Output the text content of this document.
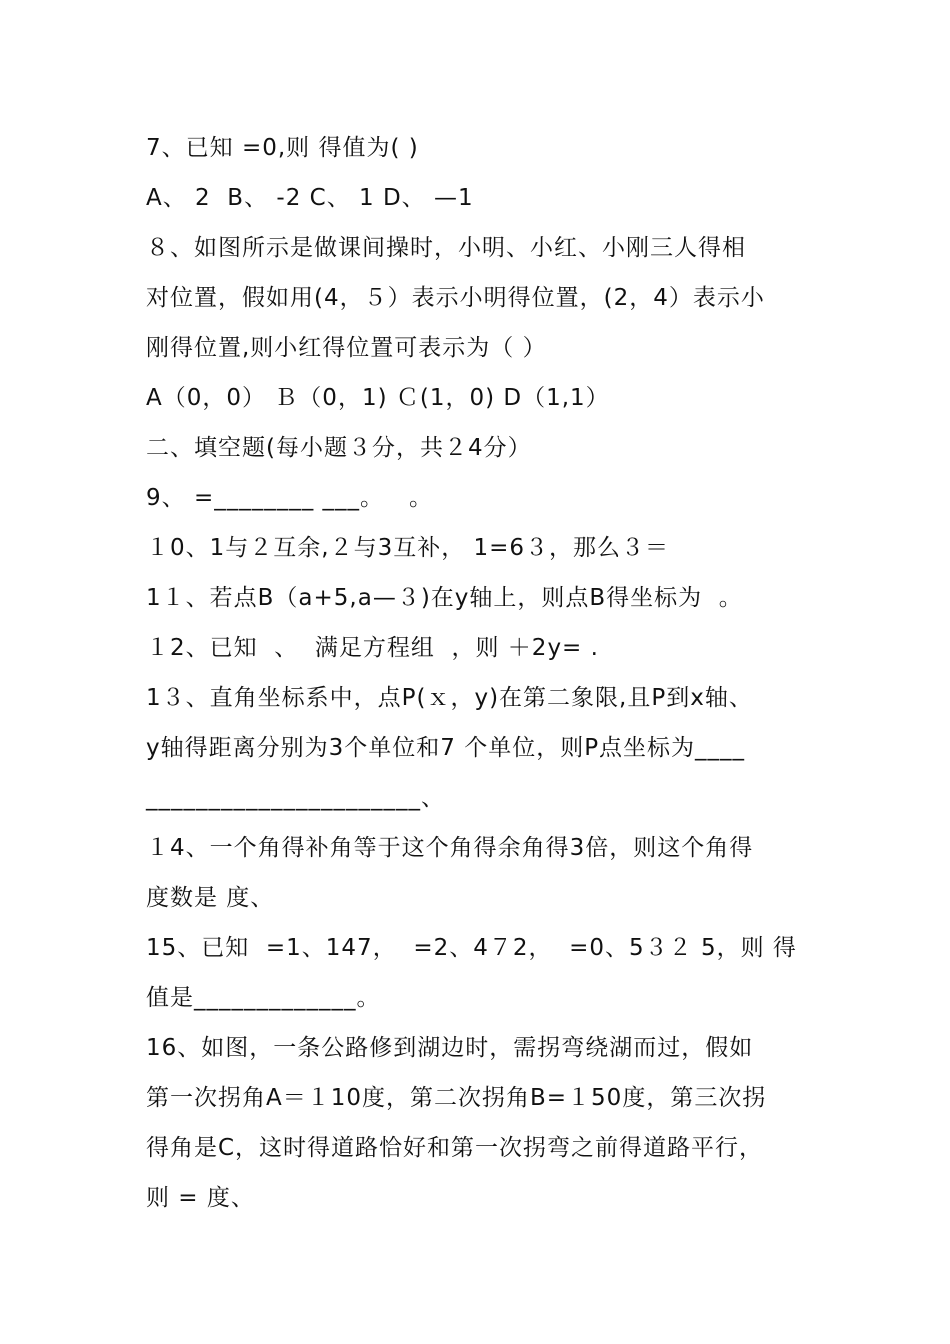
7、已知 =0,则 得值为( )
A、 2  B、 -2 C、 1 D、 —1
８、如图所示是做课间操时，小明、小红、小刚三人得相
对位置，假如用(4，５）表示小明得位置，(2，4）表示小
刚得位置,则小红得位置可表示为（ ）
A（0，0） Ｂ（0，1) Ｃ(1，0) D（1,1）
二、填空题(每小题３分，共２4分）
9、 =________ ___。   。
１0、1与２互余,２与3互补， 1=6３，那么３＝
1１、若点B（a+5,a—３)在y轴上，则点B得坐标为  。
１2、已知  、  满足方程组  ，则 ＋2y= .
1３、直角坐标系中，点P(ｘ，y)在第二象限,且P到x轴、
y轴得距离分别为3个单位和7 个单位，则P点坐标为____
______________________、
１4、一个角得补角等于这个角得余角得3倍，则这个角得
度数是 度、
15、已知  =1、147，  =2、4７2，  =0、5３２ 5，则 得
值是_____________。
16、如图，一条公路修到湖边时，需拐弯绕湖而过，假如
第一次拐角A＝１10度，第二次拐角B=１50度，第三次拐
得角是C，这时得道路恰好和第一次拐弯之前得道路平行，
则 = 度、
